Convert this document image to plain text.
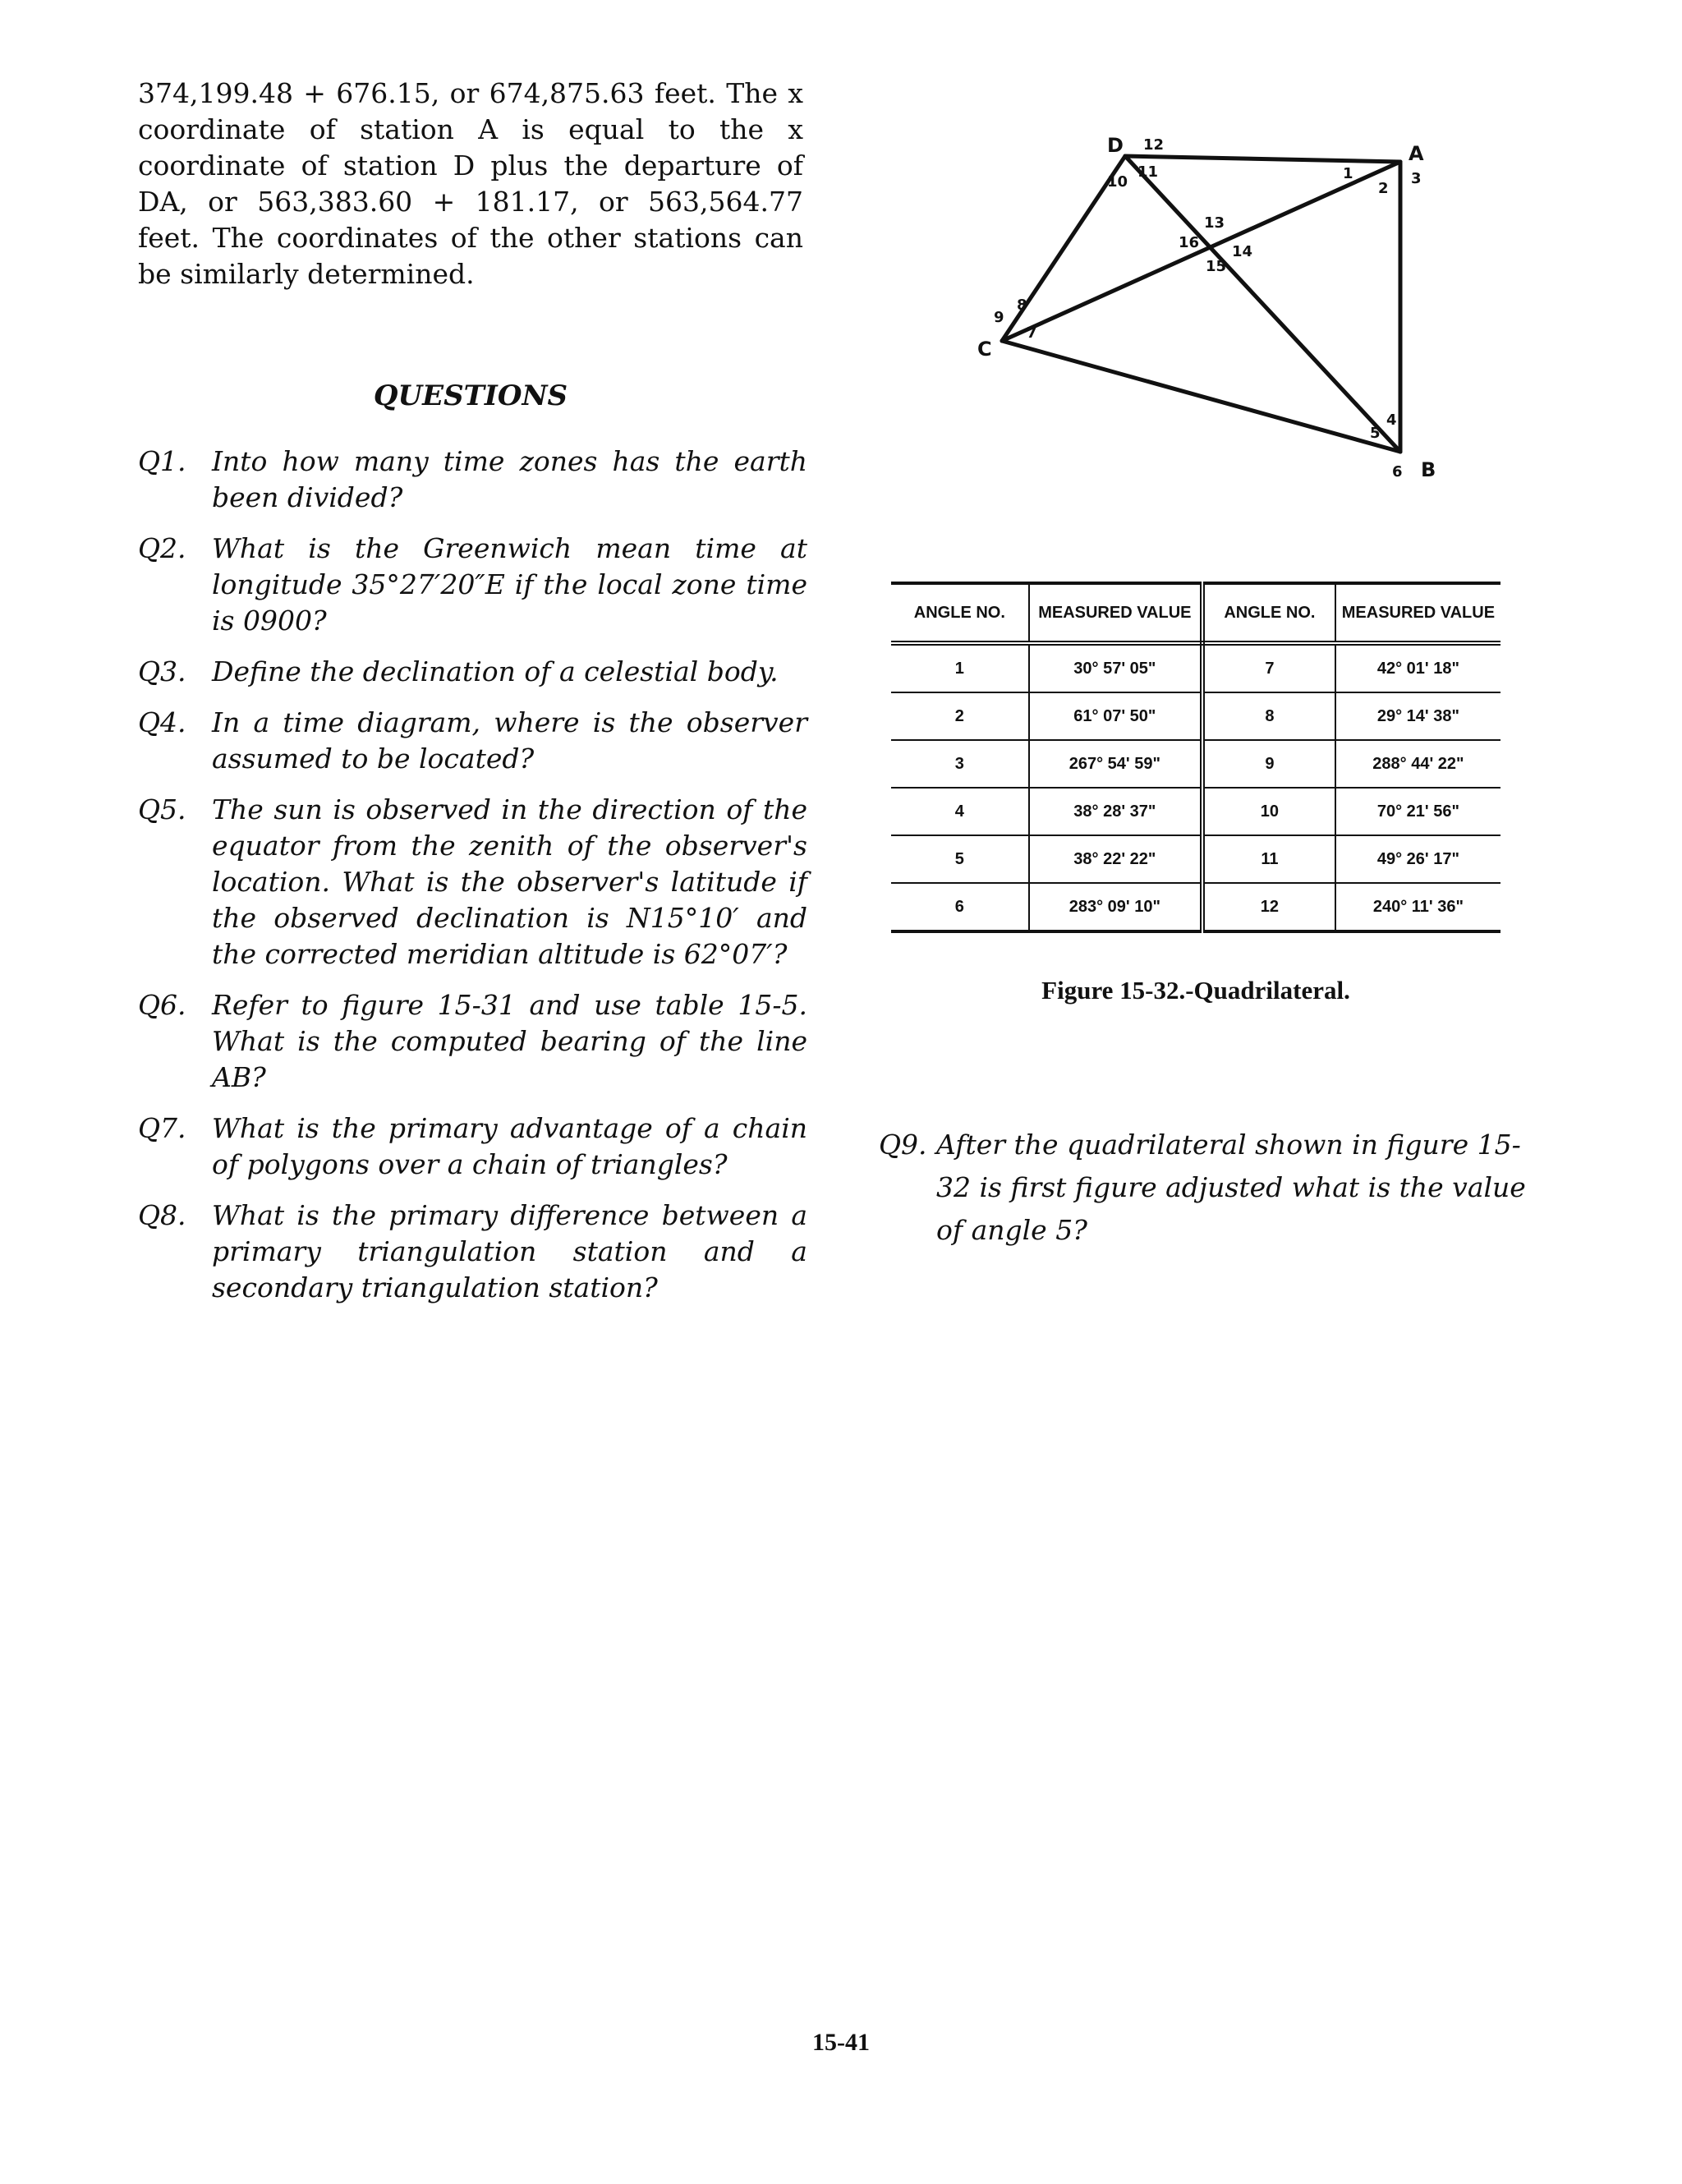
374,199.48 + 676.15, or 674,875.63 feet. The x coordinate of station A is equal to the x coordinate of station D plus the departure of DA, or 563,383.60 + 181.17, or 563,564.77 feet. The coordinates of the other stations can be similarly determined.

QUESTIONS
Q1. Into how many time zones has the earth been divided?
Q2. What is the Greenwich mean time at longitude 35°27′20″E if the local zone time is 0900?
Q3. Define the declination of a celestial body.
Q4. In a time diagram, where is the observer assumed to be located?
Q5. The sun is observed in the direction of the equator from the zenith of the observer's location. What is the observer's latitude if the observed declination is N15°10′ and the corrected meridian altitude is 62°07′?
Q6. Refer to figure 15-31 and use table 15-5. What is the computed bearing of the line AB?
Q7. What is the primary advantage of a chain of polygons over a chain of triangles?
Q8. What is the primary difference between a primary triangulation station and a secondary triangulation station?
D	A
B
C
1
2
3
4
5
6
7
8
9
10
11
12
13
14
15
16
ANGLE NO.	MEASURED VALUE	ANGLE NO.	MEASURED VALUE
1	30° 57' 05"	7	42° 01' 18"
2	61° 07' 50"	8	29° 14' 38"
3	267° 54' 59"	9	288° 44' 22"
4	38° 28' 37"	10	70° 21' 56"
5	38° 22' 22"	11	49° 26' 17"
6	283° 09' 10"	12	240° 11' 36"
Figure 15-32.-Quadrilateral.
Q9. After the quadrilateral shown in figure 15-32 is first figure adjusted what is the value of angle 5?
15-41
